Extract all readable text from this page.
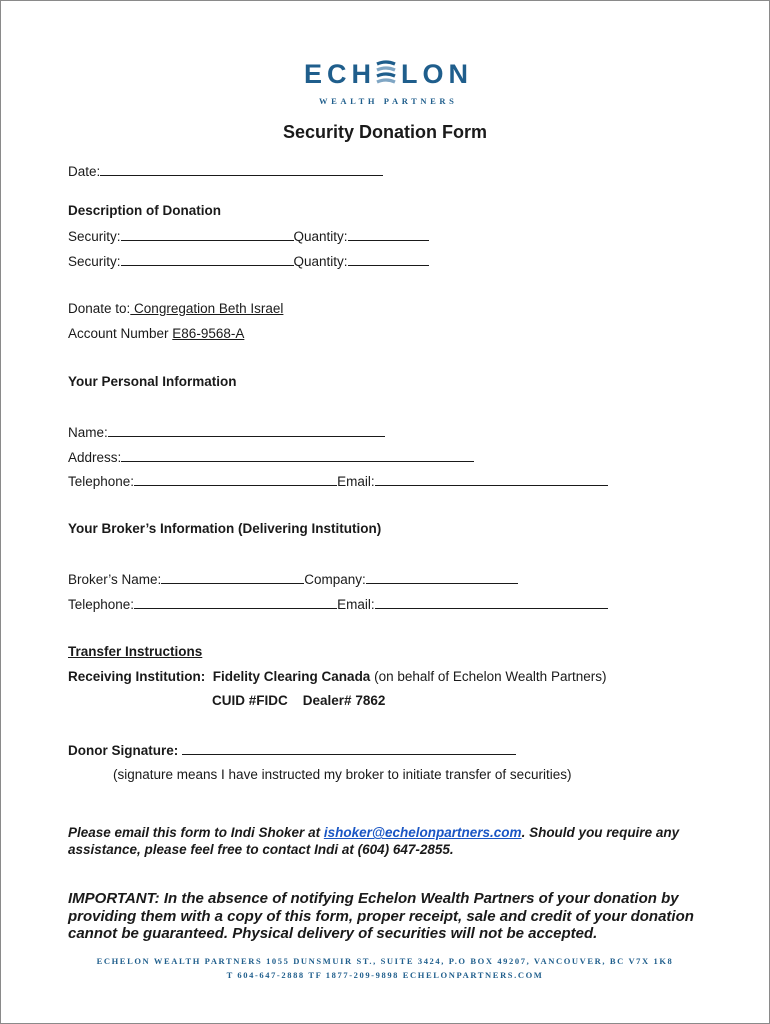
ECH LON
WEALTH PARTNERS
Security Donation Form
Date:
Description of Donation
Security:	Quantity:
Security:	Quantity:
Donate to: Congregation Beth Israel
Account Number E86-9568-A
Your Personal Information
Name:
Address:
Telephone:	Email:
Your Broker’s Information (Delivering Institution)
Broker’s Name:	Company:
Telephone:	Email:
Transfer Instructions
Receiving Institution: Fidelity Clearing Canada (on behalf of Echelon Wealth Partners)
CUID #FIDC Dealer# 7862
Donor Signature:
(signature means I have instructed my broker to initiate transfer of securities)
Please email this form to Indi Shoker at ishoker@echelonpartners.com. Should you require any
assistance, please feel free to contact Indi at (604) 647-2855.
IMPORTANT: In the absence of notifying Echelon Wealth Partners of your donation by
providing them with a copy of this form, proper receipt, sale and credit of your donation
cannot be guaranteed. Physical delivery of securities will not be accepted.
ECHELON WEALTH PARTNERS 1055 DUNSMUIR ST., SUITE 3424, P.O BOX 49207, VANCOUVER, BC V7X 1K8
T 604-647-2888 TF 1877-209-9898 ECHELONPARTNERS.COM
